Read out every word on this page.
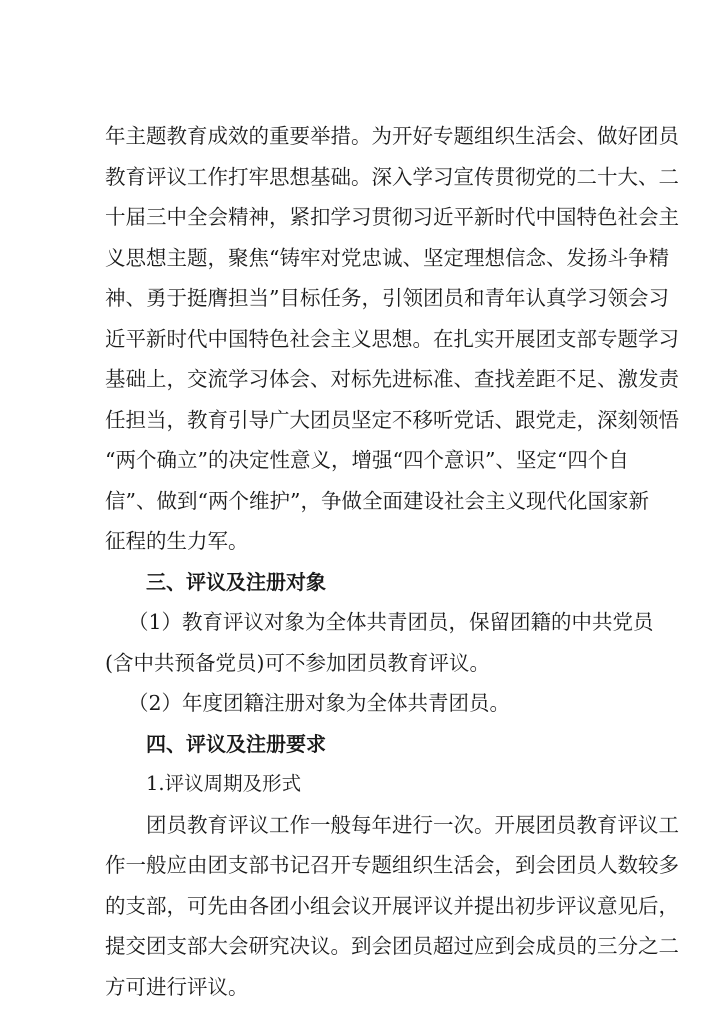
年主题教育成效的重要举措。为开好专题组织生活会、做好团员
教育评议工作打牢思想基础。深入学习宣传贯彻党的二十大、二
十届三中全会精神，紧扣学习贯彻习近平新时代中国特色社会主
义思想主题，聚焦“铸牢对党忠诚、坚定理想信念、发扬斗争精
神、勇于挺膺担当”目标任务，引领团员和青年认真学习领会习
近平新时代中国特色社会主义思想。在扎实开展团支部专题学习
基础上，交流学习体会、对标先进标准、查找差距不足、激发责
任担当，教育引导广大团员坚定不移听党话、跟党走，深刻领悟
“两个确立”的决定性意义，增强“四个意识”、坚定“四个自
信”、做到“两个维护”，争做全面建设社会主义现代化国家新
征程的生力军。
三、评议及注册对象
（1）教育评议对象为全体共青团员，保留团籍的中共党员
(含中共预备党员)可不参加团员教育评议。
（2）年度团籍注册对象为全体共青团员。
四、评议及注册要求
1.评议周期及形式
团员教育评议工作一般每年进行一次。开展团员教育评议工
作一般应由团支部书记召开专题组织生活会，到会团员人数较多
的支部，可先由各团小组会议开展评议并提出初步评议意见后，
提交团支部大会研究决议。到会团员超过应到会成员的三分之二
方可进行评议。
